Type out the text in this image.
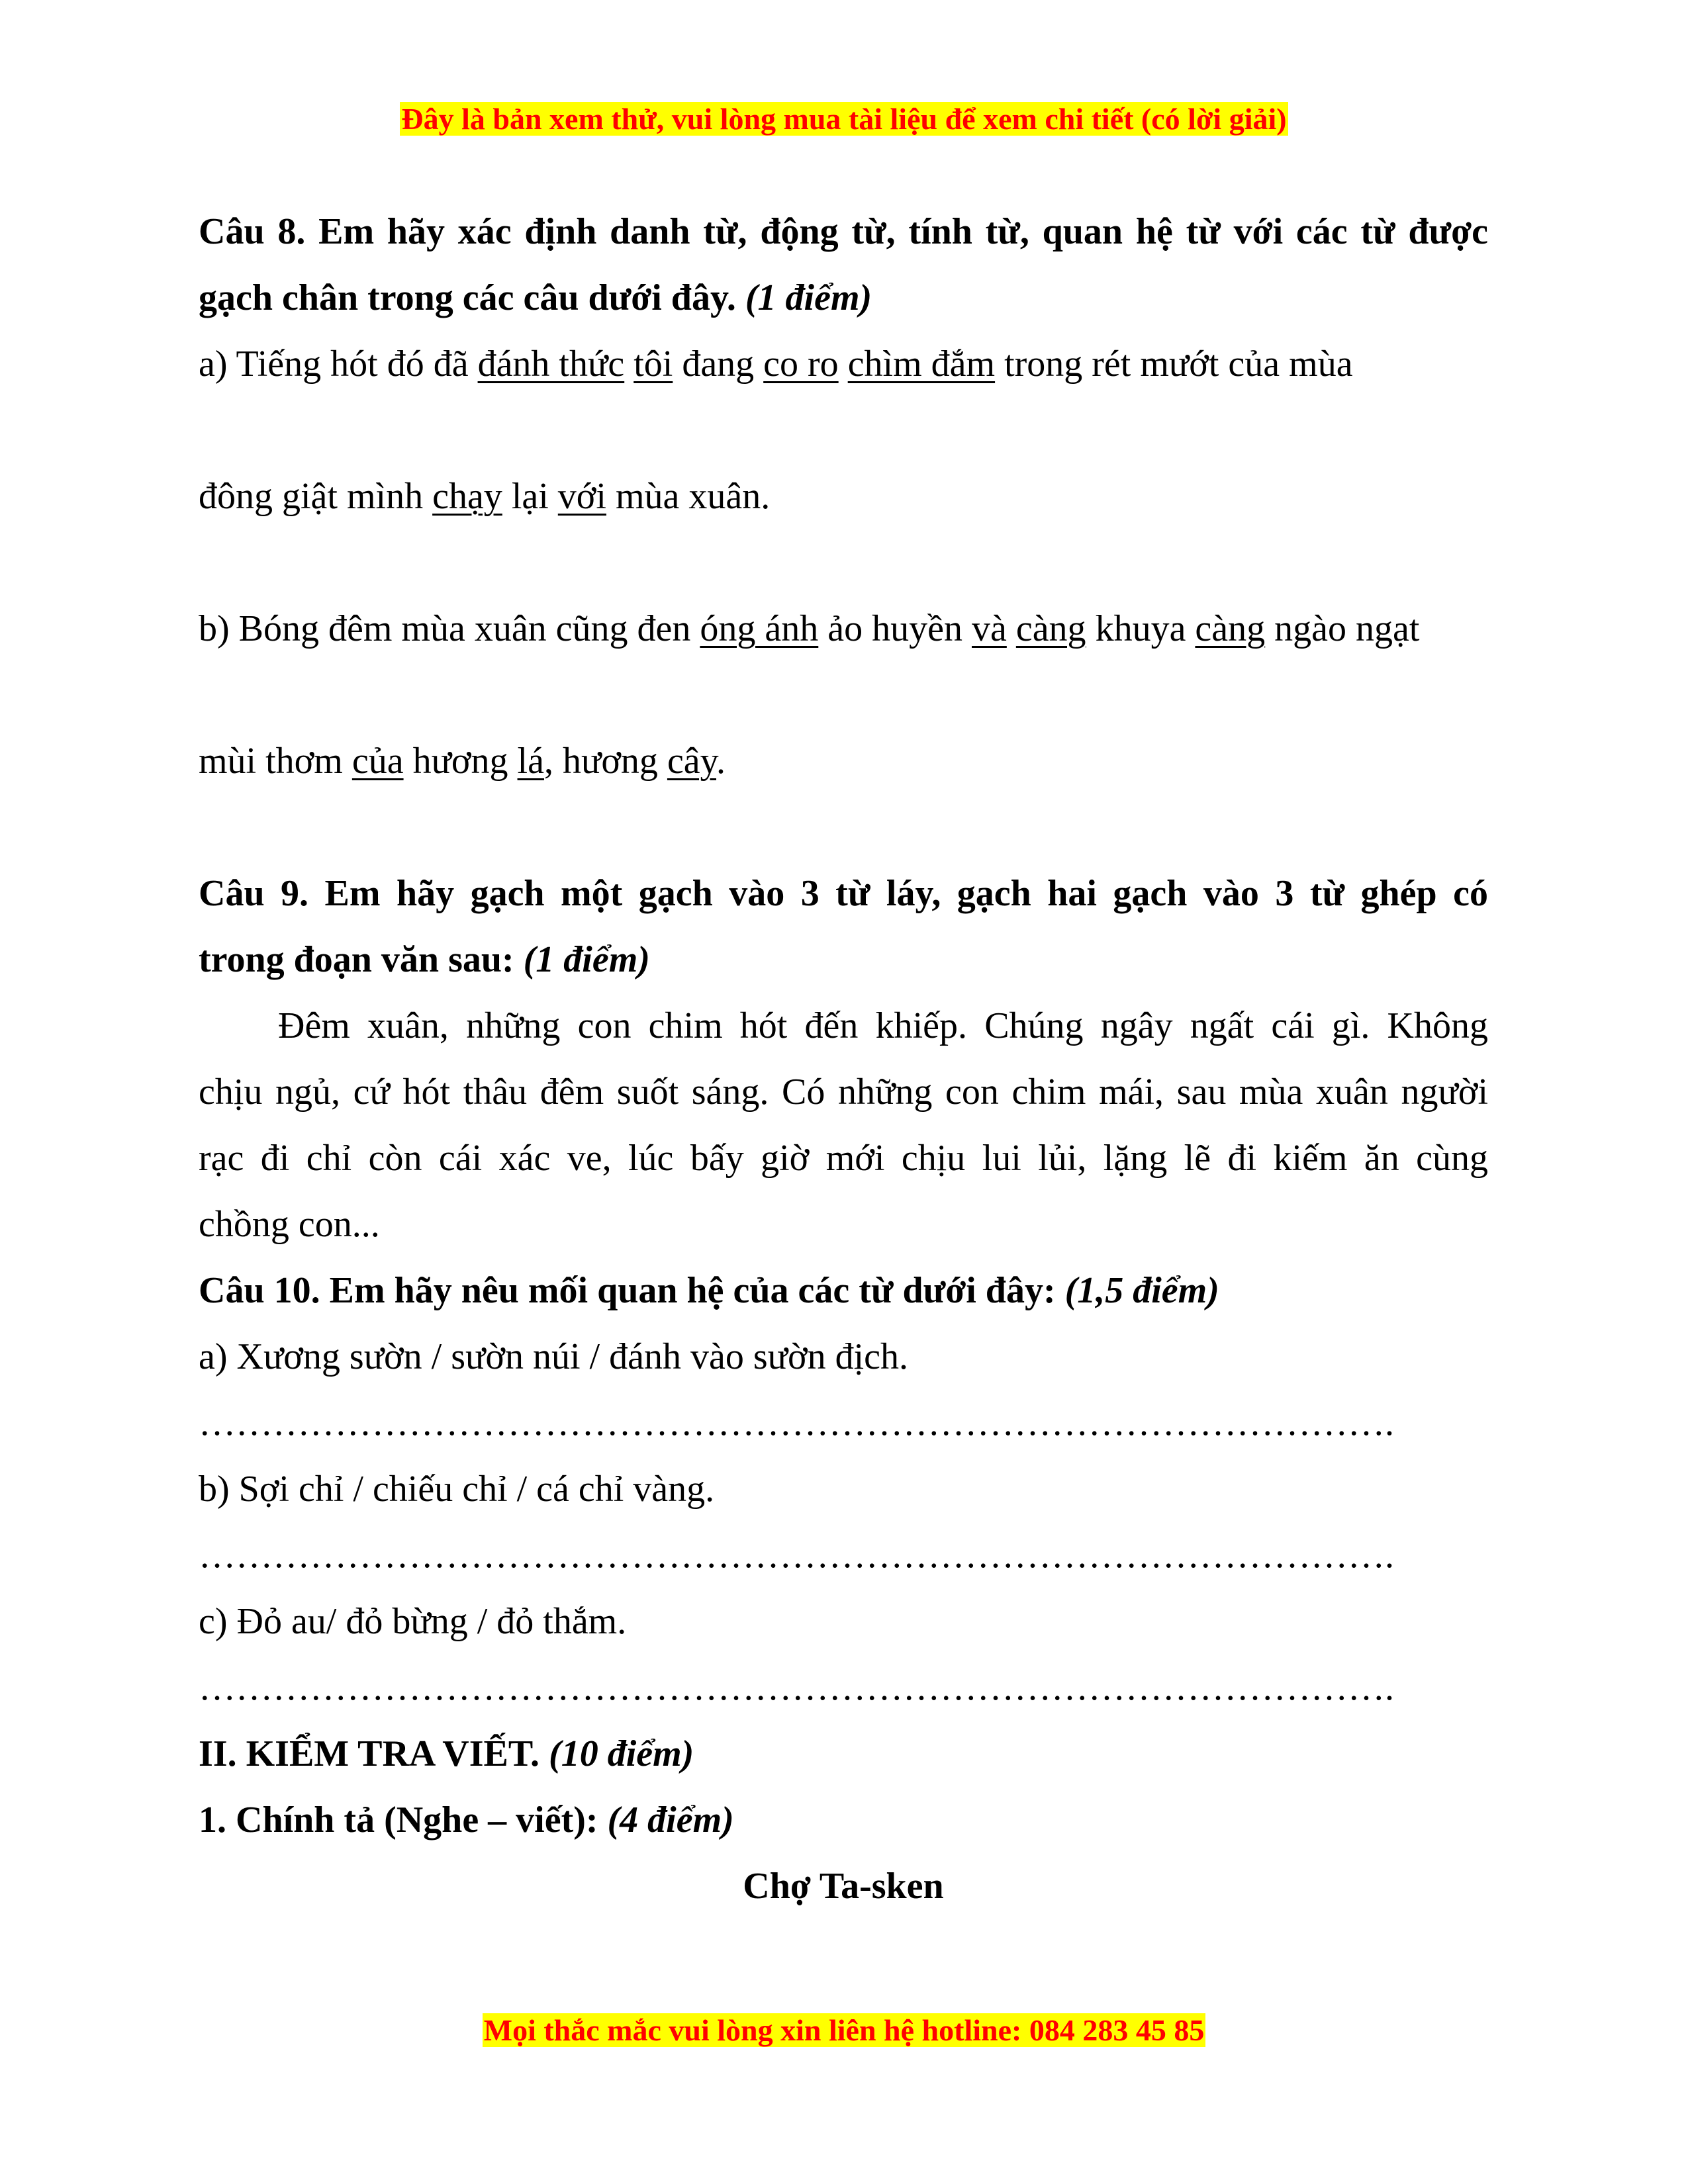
Đây là bản xem thử, vui lòng mua tài liệu để xem chi tiết (có lời giải)
Câu 8. Em hãy xác định danh từ, động từ, tính từ, quan hệ từ với các từ được
gạch chân trong các câu dưới đây. (1 điểm)
a) Tiếng hót đó đã đánh thức tôi đang co ro chìm đắm trong rét mướt của mùa
đông giật mình chạy lại với mùa xuân.
b) Bóng đêm mùa xuân cũng đen óng ánh ảo huyền và càng khuya càng ngào ngạt
mùi thơm của hương lá, hương cây.
Câu 9. Em hãy gạch một gạch vào 3 từ láy, gạch hai gạch vào 3 từ ghép có
trong đoạn văn sau: (1 điểm)
Đêm xuân, những con chim hót đến khiếp. Chúng ngây ngất cái gì. Không
chịu ngủ, cứ hót thâu đêm suốt sáng. Có những con chim mái, sau mùa xuân người
rạc đi chỉ còn cái xác ve, lúc bấy giờ mới chịu lui lủi, lặng lẽ đi kiếm ăn cùng
chồng con...
Câu 10. Em hãy nêu mối quan hệ của các từ dưới đây: (1,5 điểm)
a) Xương sườn / sườn núi / đánh vào sườn địch.
…………………………………………………………………………………….
b) Sợi chỉ / chiếu chỉ / cá chỉ vàng.
…………………………………………………………………………………….
c) Đỏ au/ đỏ bừng / đỏ thắm.
…………………………………………………………………………………….
II. KIỂM TRA VIẾT. (10 điểm)
1. Chính tả (Nghe – viết): (4 điểm)
Chợ Ta-sken
Mọi thắc mắc vui lòng xin liên hệ hotline: 084 283 45 85
